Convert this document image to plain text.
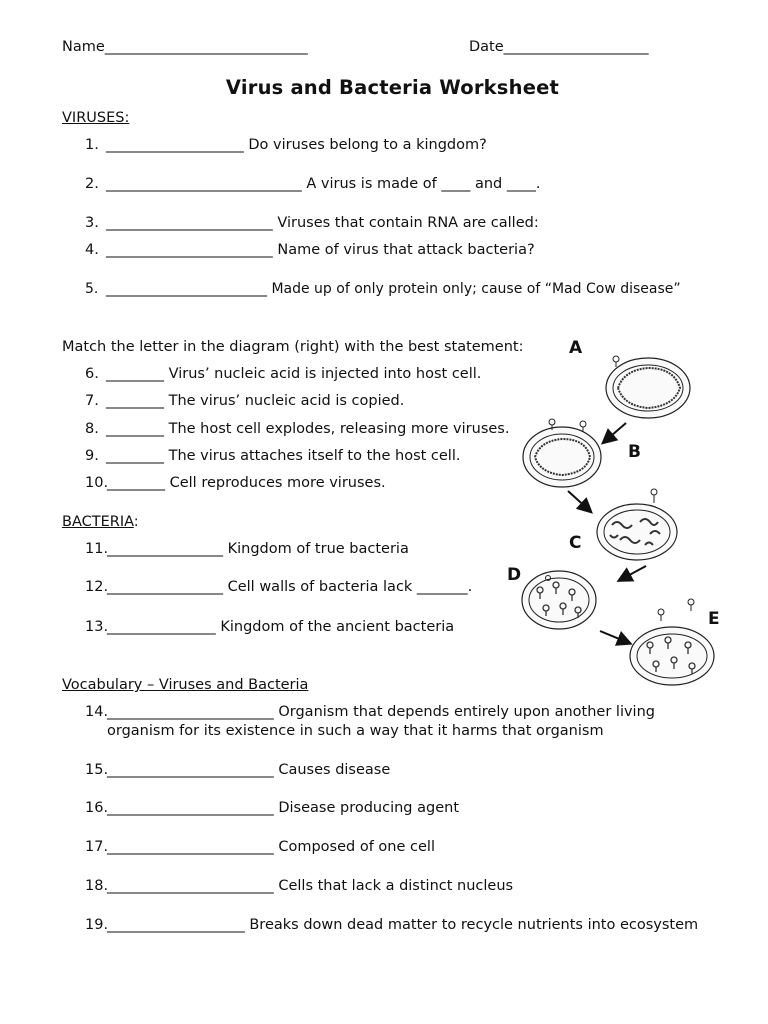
Name____________________________	Date____________________
Virus and Bacteria Worksheet
VIRUSES:
1. ___________________ Do viruses belong to a kingdom?
2. ___________________________ A virus is made of ____ and ____.
3. _______________________ Viruses that contain RNA are called:
4. _______________________ Name of virus that attack bacteria?
5. _______________________ Made up of only protein only; cause of “Mad Cow disease”
Match the letter in the diagram (right) with the best statement:
6. ________ Virus’ nucleic acid is injected into host cell.
7. ________ The virus’ nucleic acid is copied.
8. ________ The host cell explodes, releasing more viruses.
9. ________ The virus attaches itself to the host cell.
10.
________ Cell reproduces more viruses.
BACTERIA:
11.
________________ Kingdom of true bacteria
12.
________________ Cell walls of bacteria lack _______.
13.
_______________ Kingdom of the ancient bacteria
Vocabulary – Viruses and Bacteria
14.
_______________________ Organism that depends entirely upon another living
organism for its existence in such a way that it harms that organism
15.
_______________________ Causes disease
16.
_______________________ Disease producing agent
17.
_______________________ Composed of one cell
18.
_______________________ Cells that lack a distinct nucleus
19.
___________________ Breaks down dead matter to recycle nutrients into ecosystem
A
B
C
D
E
